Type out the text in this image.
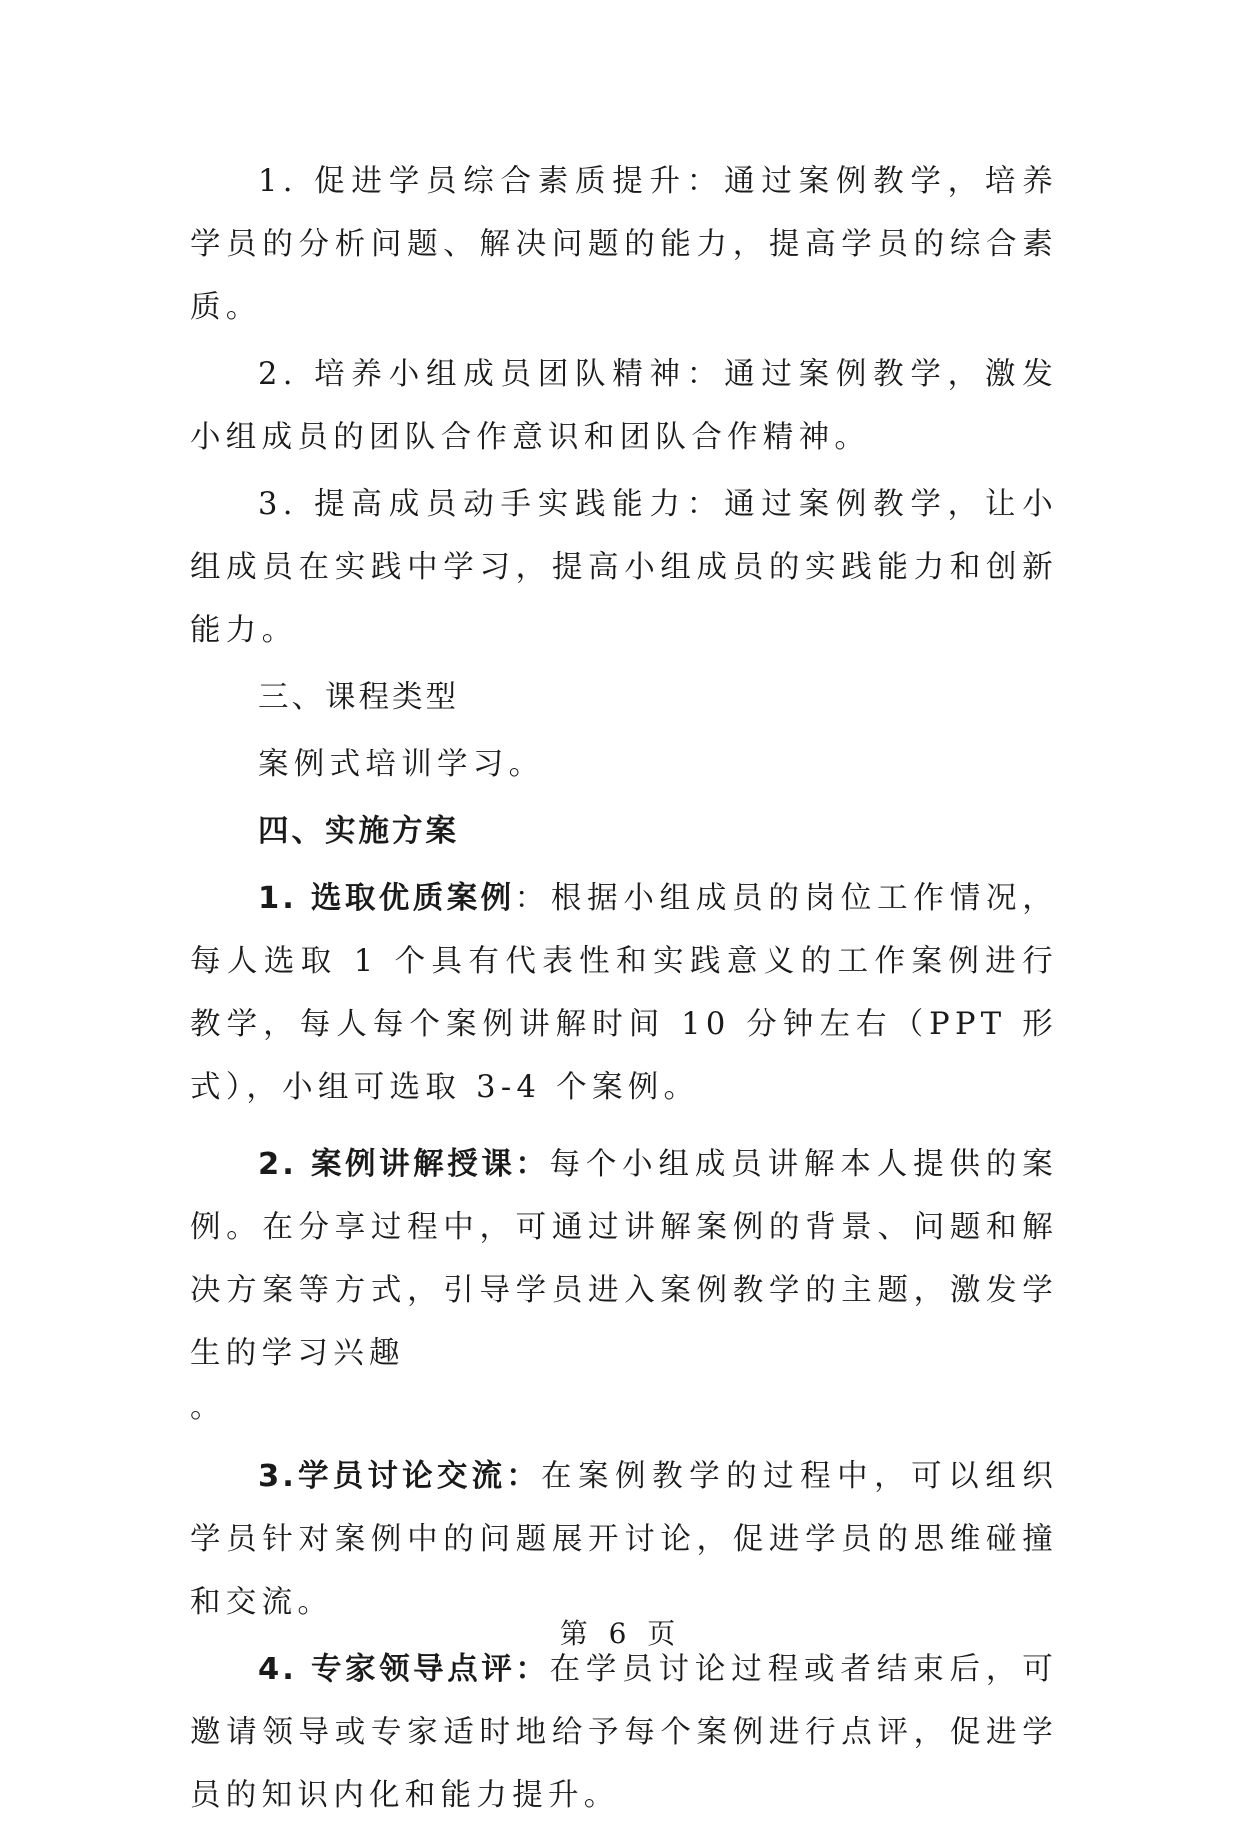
1. 促进学员综合素质提升：通过案例教学，培养学员的分析问题、解决问题的能力，提高学员的综合素质。

2. 培养小组成员团队精神：通过案例教学，激发小组成员的团队合作意识和团队合作精神。

3. 提高成员动手实践能力：通过案例教学，让小组成员在实践中学习，提高小组成员的实践能力和创新能力。

三、课程类型

案例式培训学习。

四、实施方案

1. 选取优质案例：根据小组成员的岗位工作情况，每人选取 1 个具有代表性和实践意义的工作案例进行教学，每人每个案例讲解时间 10 分钟左右（PPT 形式），小组可选取 3-4 个案例。

2. 案例讲解授课：每个小组成员讲解本人提供的案例。在分享过程中，可通过讲解案例的背景、问题和解决方案等方式，引导学员进入案例教学的主题，激发学生的学习兴趣

。

3.学员讨论交流：在案例教学的过程中，可以组织学员针对案例中的问题展开讨论，促进学员的思维碰撞和交流。

4. 专家领导点评：在学员讨论过程或者结束后，可邀请领导或专家适时地给予每个案例进行点评，促进学员的知识内化和能力提升。

第 6 页
